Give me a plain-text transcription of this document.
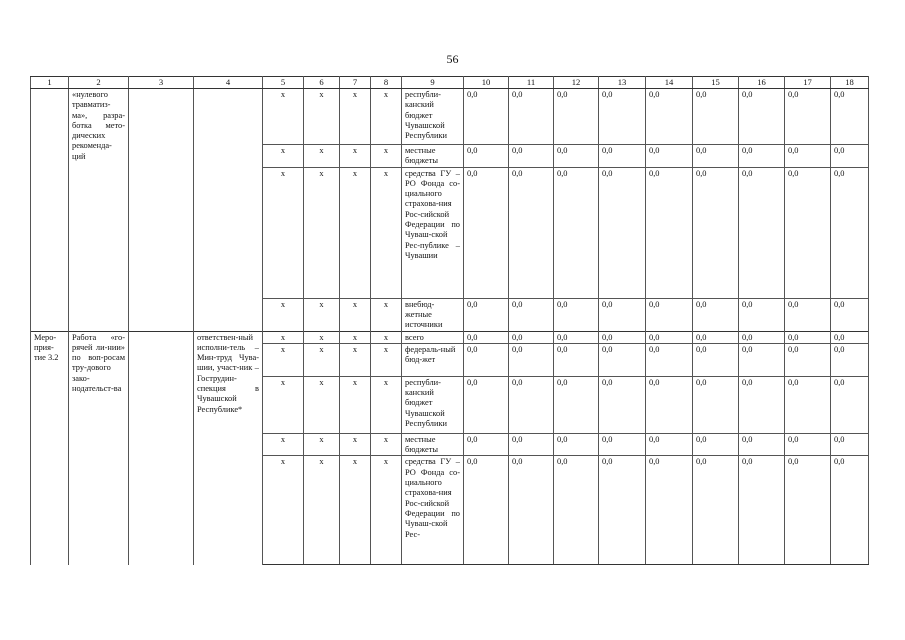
56
1	2	3	4	5	6	7	8	9	10	11	12	13	14	15	16	17	18
	«нулевого травматиз-ма», разра-ботка мето-дических рекоменда-ций			х	х	х	х	республи-канский бюджет Чувашской Республики	0,0	0,0	0,0	0,0	0,0	0,0	0,0	0,0	0,0
				х	х	х	х	местные бюджеты	0,0	0,0	0,0	0,0	0,0	0,0	0,0	0,0	0,0
				х	х	х	х	средства ГУ – РО Фонда со-циального страхова-ния Рос-сийской Федерации по Чуваш-ской Рес-публике – Чувашии	0,0	0,0	0,0	0,0	0,0	0,0	0,0	0,0	0,0
				х	х	х	х	внебюд-жетные источники	0,0	0,0	0,0	0,0	0,0	0,0	0,0	0,0	0,0
Меро-прия-тие 3.2	Работа «го-рячей ли-нии» по воп-росам тру-дового зако-нодательст-ва		ответствен-ный исполни-тель – Мин-труд Чува-шии, участ-ник – Гострудин-спекция в Чувашской Республике*	х	х	х	х	всего	0,0	0,0	0,0	0,0	0,0	0,0	0,0	0,0	0,0
				х	х	х	х	федераль-ный бюд-жет	0,0	0,0	0,0	0,0	0,0	0,0	0,0	0,0	0,0
				х	х	х	х	республи-канский бюджет Чувашской Республики	0,0	0,0	0,0	0,0	0,0	0,0	0,0	0,0	0,0
				х	х	х	х	местные бюджеты	0,0	0,0	0,0	0,0	0,0	0,0	0,0	0,0	0,0
				х	х	х	х	средства ГУ – РО Фонда со-циального страхова-ния Рос-сийской Федерации по Чуваш-ской Рес-	0,0	0,0	0,0	0,0	0,0	0,0	0,0	0,0	0,0
